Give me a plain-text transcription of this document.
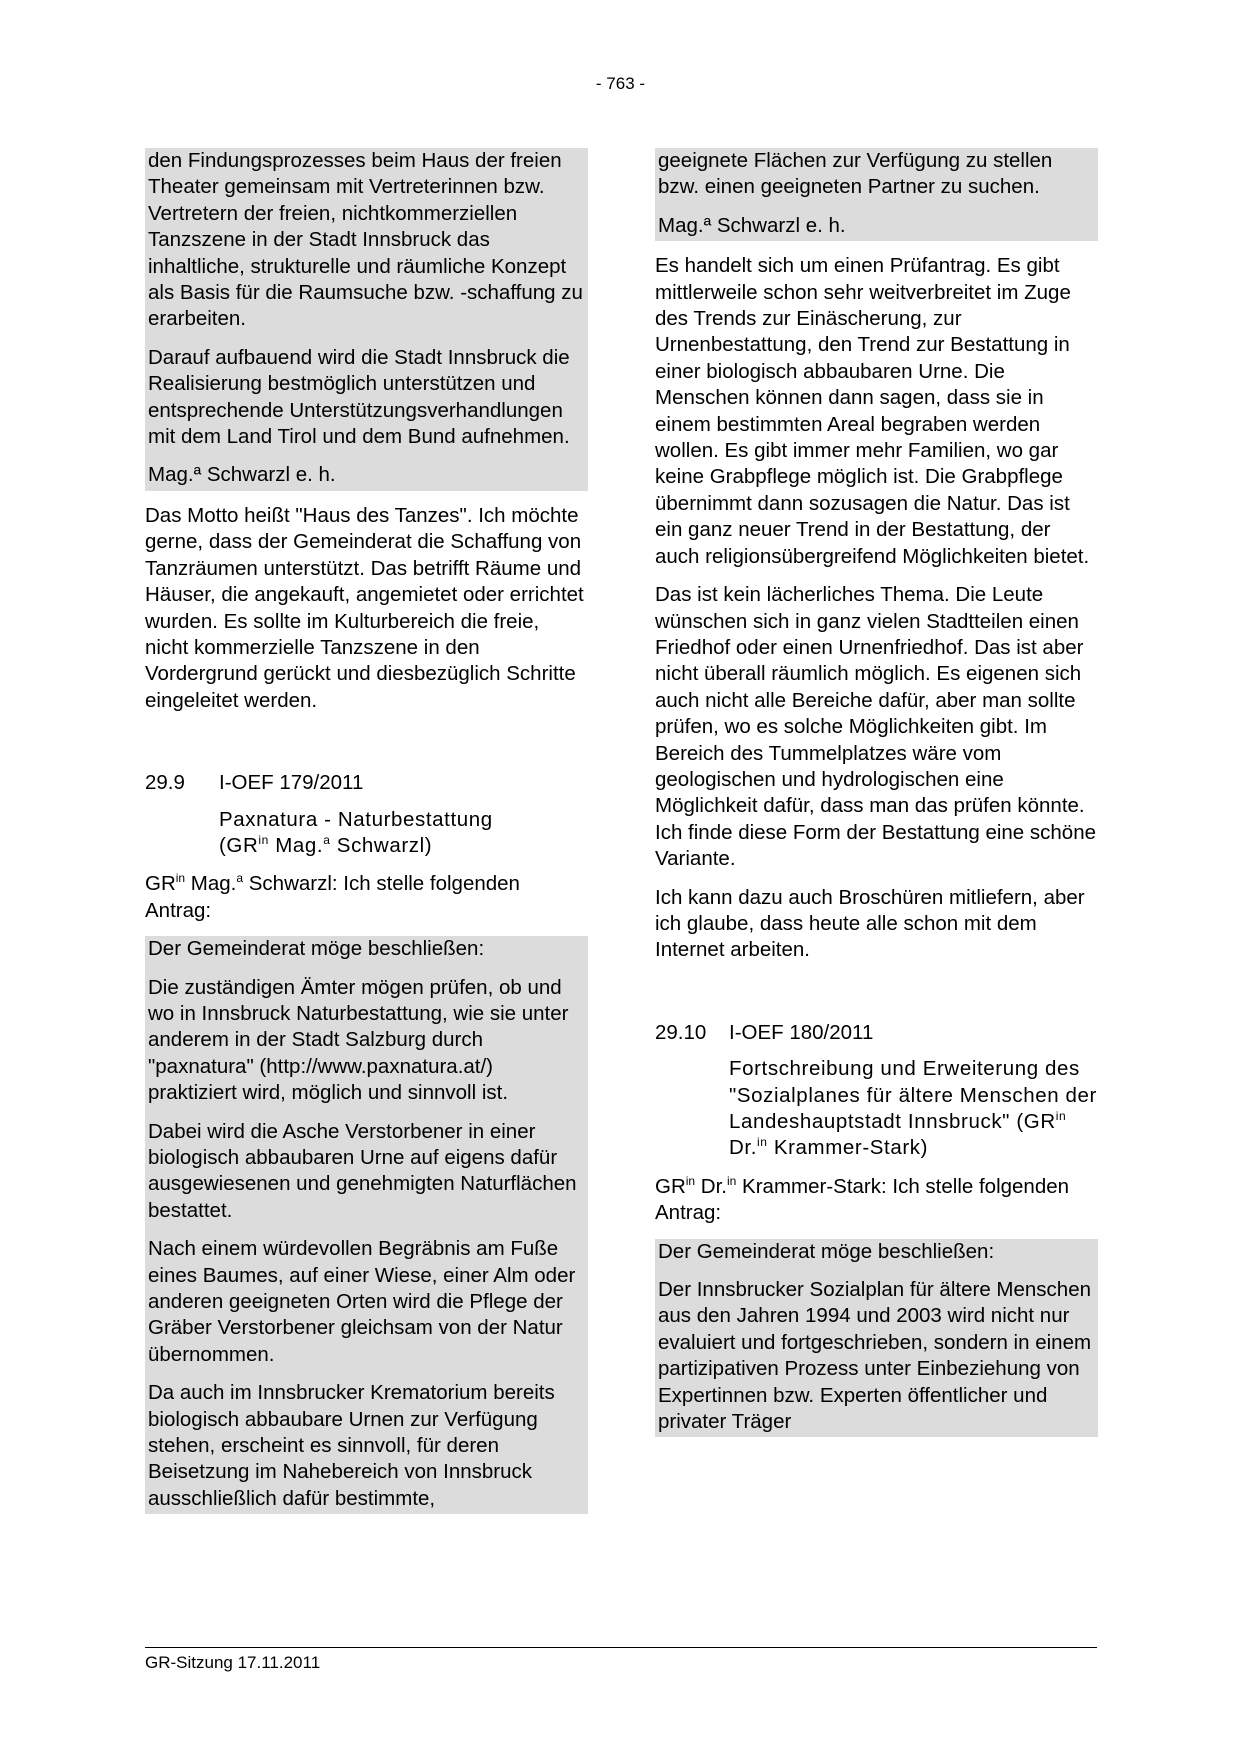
- 763 -

den Findungsprozesses beim Haus der freien Theater gemeinsam mit Vertreterinnen bzw. Vertretern der freien, nichtkommerziellen Tanzszene in der Stadt Innsbruck das inhaltliche, strukturelle und räumliche Konzept als Basis für die Raumsuche bzw. -schaffung zu erarbeiten.

Darauf aufbauend wird die Stadt Innsbruck die Realisierung bestmöglich unterstützen und entsprechende Unterstützungsverhandlungen mit dem Land Tirol und dem Bund aufnehmen.

Mag.ª Schwarzl e. h.

Das Motto heißt "Haus des Tanzes". Ich möchte gerne, dass der Gemeinderat die Schaffung von Tanzräumen unterstützt. Das betrifft Räume und Häuser, die angekauft, angemietet oder errichtet wurden. Es sollte im Kulturbereich die freie, nicht kommerzielle Tanzszene in den Vordergrund gerückt und diesbezüglich Schritte eingeleitet werden.

29.9	I-OEF 179/2011

Paxnatura - Naturbestattung
($GR^{in}$ Mag.$^a$ Schwarzl)

$GR^{in}$ Mag.$^a$ Schwarzl: Ich stelle folgenden Antrag:

Der Gemeinderat möge beschließen:

Die zuständigen Ämter mögen prüfen, ob und wo in Innsbruck Naturbestattung, wie sie unter anderem in der Stadt Salzburg durch "paxnatura" (http://www.paxnatura.at/) praktiziert wird, möglich und sinnvoll ist.

Dabei wird die Asche Verstorbener in einer biologisch abbaubaren Urne auf eigens dafür ausgewiesenen und genehmigten Naturflächen bestattet.

Nach einem würdevollen Begräbnis am Fuße eines Baumes, auf einer Wiese, einer Alm oder anderen geeigneten Orten wird die Pflege der Gräber Verstorbener gleichsam von der Natur übernommen.

Da auch im Innsbrucker Krematorium bereits biologisch abbaubare Urnen zur Verfügung stehen, erscheint es sinnvoll, für deren Beisetzung im Nahebereich von Innsbruck ausschließlich dafür bestimmte,

geeignete Flächen zur Verfügung zu stellen bzw. einen geeigneten Partner zu suchen.

Mag.ª Schwarzl e. h.

Es handelt sich um einen Prüfantrag. Es gibt mittlerweile schon sehr weitverbreitet im Zuge des Trends zur Einäscherung, zur Urnenbestattung, den Trend zur Bestattung in einer biologisch abbaubaren Urne. Die Menschen können dann sagen, dass sie in einem bestimmten Areal begraben werden wollen. Es gibt immer mehr Familien, wo gar keine Grabpflege möglich ist. Die Grabpflege übernimmt dann sozusagen die Natur. Das ist ein ganz neuer Trend in der Bestattung, der auch religionsübergreifend Möglichkeiten bietet.

Das ist kein lächerliches Thema. Die Leute wünschen sich in ganz vielen Stadtteilen einen Friedhof oder einen Urnenfriedhof. Das ist aber nicht überall räumlich möglich. Es eigenen sich auch nicht alle Bereiche dafür, aber man sollte prüfen, wo es solche Möglichkeiten gibt. Im Bereich des Tummelplatzes wäre vom geologischen und hydrologischen eine Möglichkeit dafür, dass man das prüfen könnte. Ich finde diese Form der Bestattung eine schöne Variante.

Ich kann dazu auch Broschüren mitliefern, aber ich glaube, dass heute alle schon mit dem Internet arbeiten.

29.10	I-OEF 180/2011

Fortschreibung und Erweiterung des "Sozialplanes für ältere Menschen der Landeshauptstadt Innsbruck" ($GR^{in}$ Dr.$^{in}$ Krammer-Stark)

$GR^{in}$ Dr.$^{in}$ Krammer-Stark: Ich stelle folgenden Antrag:

Der Gemeinderat möge beschließen:

Der Innsbrucker Sozialplan für ältere Menschen aus den Jahren 1994 und 2003 wird nicht nur evaluiert und fortgeschrieben, sondern in einem partizipativen Prozess unter Einbeziehung von Expertinnen bzw. Experten öffentlicher und privater Träger

GR-Sitzung 17.11.2011
